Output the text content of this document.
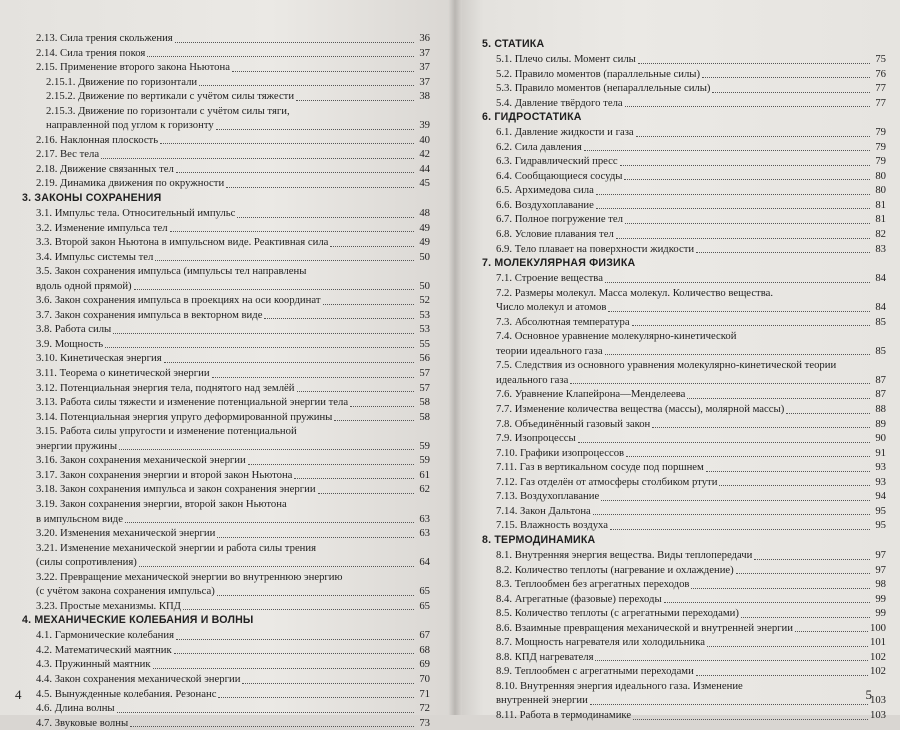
2.13. Сила трения скольжения	36
2.14. Сила трения покоя	37
2.15. Применение второго закона Ньютона	37
2.15.1. Движение по горизонтали	37
2.15.2. Движение по вертикали с учётом силы тяжести	38
2.15.3. Движение по горизонтали с учётом силы тяги,
направленной под углом к горизонту	39
2.16. Наклонная плоскость	40
2.17. Вес тела	42
2.18. Движение связанных тел	44
2.19. Динамика движения по окружности	45
3. ЗАКОНЫ СОХРАНЕНИЯ
3.1. Импульс тела. Относительный импульс	48
3.2. Изменение импульса тел	49
3.3. Второй закон Ньютона в импульсном виде. Реактивная сила	49
3.4. Импульс системы тел	50
3.5. Закон сохранения импульса (импульсы тел направлены
вдоль одной прямой)	50
3.6. Закон сохранения импульса в проекциях на оси координат	52
3.7. Закон сохранения импульса в векторном виде	53
3.8. Работа силы	53
3.9. Мощность	55
3.10. Кинетическая энергия	56
3.11. Теорема о кинетической энергии	57
3.12. Потенциальная энергия тела, поднятого над землёй	57
3.13. Работа силы тяжести и изменение потенциальной энергии тела	58
3.14. Потенциальная энергия упруго деформированной пружины	58
3.15. Работа силы упругости и изменение потенциальной
энергии пружины	59
3.16. Закон сохранения механической энергии	59
3.17. Закон сохранения энергии и второй закон Ньютона	61
3.18. Закон сохранения импульса и закон сохранения энергии	62
3.19. Закон сохранения энергии, второй закон Ньютона
в импульсном виде	63
3.20. Изменения механической энергии	63
3.21. Изменение механической энергии и работа силы трения
(силы сопротивления)	64
3.22. Превращение механической энергии во внутреннюю энергию
(с учётом закона сохранения импульса)	65
3.23. Простые механизмы. КПД	65
4. МЕХАНИЧЕСКИЕ КОЛЕБАНИЯ И ВОЛНЫ
4.1. Гармонические колебания	67
4.2. Математический маятник	68
4.3. Пружинный маятник	69
4.4. Закон сохранения механической энергии	70
4.5. Вынужденные колебания. Резонанс	71
4.6. Длина волны	72
4.7. Звуковые волны	73
4
5. СТАТИКА
5.1. Плечо силы. Момент силы	75
5.2. Правило моментов (параллельные силы)	76
5.3. Правило моментов (непараллельные силы)	77
5.4. Давление твёрдого тела	77
6. ГИДРОСТАТИКА
6.1. Давление жидкости и газа	79
6.2. Сила давления	79
6.3. Гидравлический пресс	79
6.4. Сообщающиеся сосуды	80
6.5. Архимедова сила	80
6.6. Воздухоплавание	81
6.7. Полное погружение тел	81
6.8. Условие плавания тел	82
6.9. Тело плавает на поверхности жидкости	83
7. МОЛЕКУЛЯРНАЯ ФИЗИКА
7.1. Строение вещества	84
7.2. Размеры молекул. Масса молекул. Количество вещества.
Число молекул и атомов	84
7.3. Абсолютная температура	85
7.4. Основное уравнение молекулярно-кинетической
теории идеального газа	85
7.5. Следствия из основного уравнения молекулярно-кинетической теории
идеального газа	87
7.6. Уравнение Клапейрона—Менделеева	87
7.7. Изменение количества вещества (массы), молярной массы)	88
7.8. Объединённый газовый закон	89
7.9. Изопроцессы	90
7.10. Графики изопроцессов	91
7.11. Газ в вертикальном сосуде под поршнем	93
7.12. Газ отделён от атмосферы столбиком ртути	93
7.13. Воздухоплавание	94
7.14. Закон Дальтона	95
7.15. Влажность воздуха	95
8. ТЕРМОДИНАМИКА
8.1. Внутренняя энергия вещества. Виды теплопередачи	97
8.2. Количество теплоты (нагревание и охлаждение)	97
8.3. Теплообмен без агрегатных переходов	98
8.4. Агрегатные (фазовые) переходы	99
8.5. Количество теплоты (с агрегатными переходами)	99
8.6. Взаимные превращения механической и внутренней энергии	100
8.7. Мощность нагревателя или холодильника	101
8.8. КПД нагревателя	102
8.9. Теплообмен с агрегатными переходами	102
8.10. Внутренняя энергия идеального газа. Изменение
внутренней энергии	103
8.11. Работа в термодинамике	103
5
